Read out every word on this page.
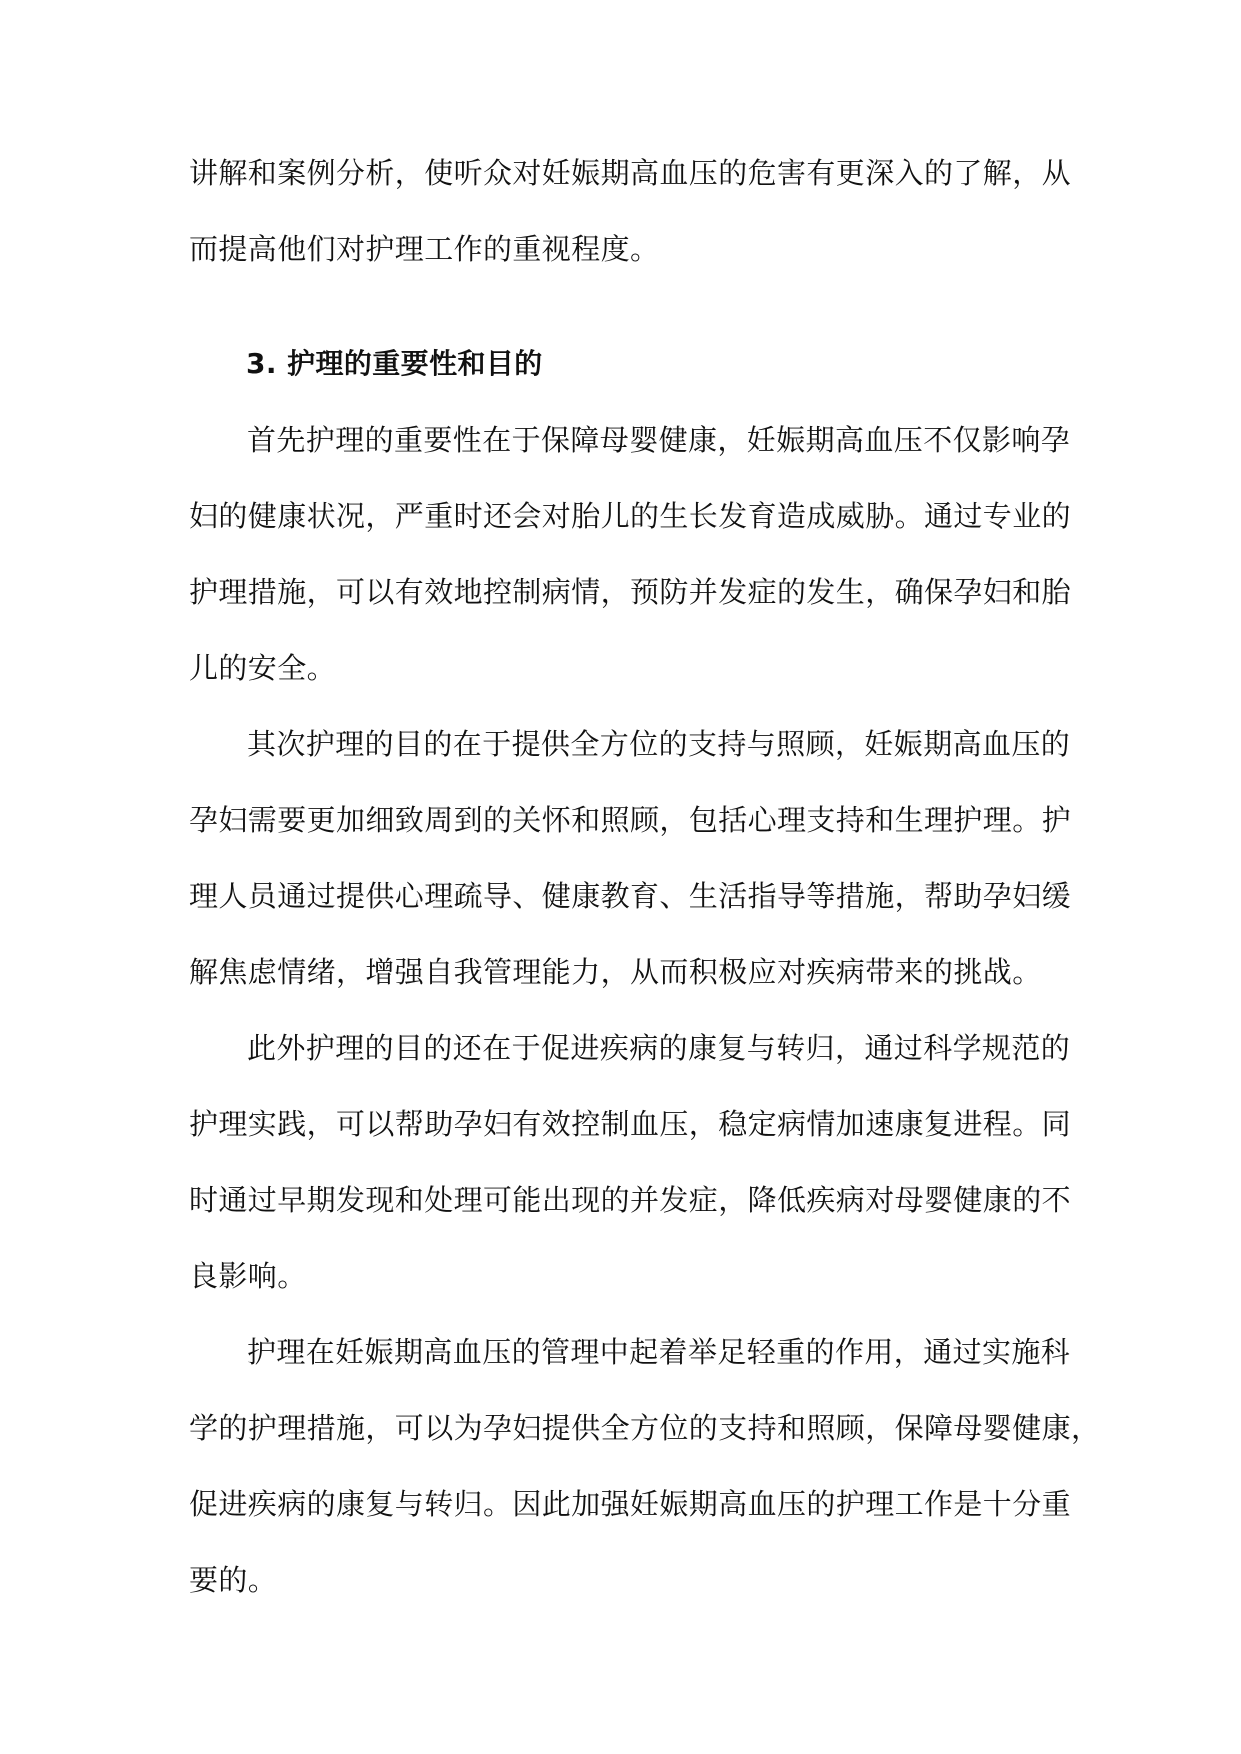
讲解和案例分析，使听众对妊娠期高血压的危害有更深入的了解，从
而提高他们对护理工作的重视程度。
3. 护理的重要性和目的
首先护理的重要性在于保障母婴健康，妊娠期高血压不仅影响孕
妇的健康状况，严重时还会对胎儿的生长发育造成威胁。通过专业的
护理措施，可以有效地控制病情，预防并发症的发生，确保孕妇和胎
儿的安全。
其次护理的目的在于提供全方位的支持与照顾，妊娠期高血压的
孕妇需要更加细致周到的关怀和照顾，包括心理支持和生理护理。护
理人员通过提供心理疏导、健康教育、生活指导等措施，帮助孕妇缓
解焦虑情绪，增强自我管理能力，从而积极应对疾病带来的挑战。
此外护理的目的还在于促进疾病的康复与转归，通过科学规范的
护理实践，可以帮助孕妇有效控制血压，稳定病情加速康复进程。同
时通过早期发现和处理可能出现的并发症，降低疾病对母婴健康的不
良影响。
护理在妊娠期高血压的管理中起着举足轻重的作用，通过实施科
学的护理措施，可以为孕妇提供全方位的支持和照顾，保障母婴健康，
促进疾病的康复与转归。因此加强妊娠期高血压的护理工作是十分重
要的。
